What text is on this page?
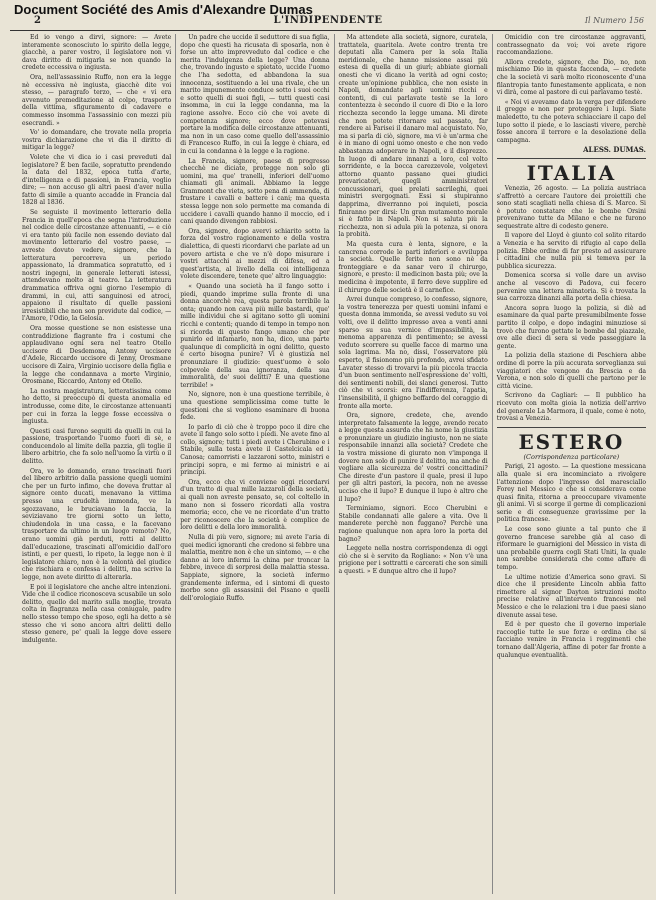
Document Société des Amis d'Alexandre Dumas
2	L'INDIPENDENTE	Il Numero 156

Ed io vengo a dirvi, signore: — Avete interamente sconosciuto lo spirito della legge, giacchè, a parer vostro, il legislatore non vi dava diritto di mitigarla se non quando la credete eccessiva o ingiusta.

Ora, nell'assassinio Ruffo, non era la legge nè eccessiva nè ingiusta, giacchè dite voi stesso, — paragrafo terzo, — che « vi era avvenuto premeditazione al colpo, trasporto della vittima, sfiguramento di cadavere e commesso insomma l'assassinio con mezzi più esecrandi. »

Vo' io domandare, che trovate nella propria vostra dichiarazione che vi dia il diritto di mitigar la legge?

Volete che vi dica io i casi preveduti dal legislatore? È ben facile, sopratutto prendendo la data del 1832, epoca tutta d'arte, d'intelligenza e di passioni, in Francia, voglio dire; — non accuso gli altri paesi d'aver nulla fatto di simile a quanto accadde in Francia dal 1828 al 1836.

Se seguiste il movimento letterario della Francia in quell'epoca che segna l'introduzione nel codice delle circostanze attenuanti, — e ciò vi era tanto più facile non essendo deviato dal movimento letterario del vostro paese, — avreste dovuto vedere, signore, che la letteratura percorreva un periodo appassionato, la drammatica sopratutto, ed i nostri ingegni, in generale letterati istessi, attendevano molto al teatro. La letteratura drammatica offriva ogni giorno l'esempio di drammi, in cui, atti sanguinosi ed atroci, appaiono il risultato di quelle passioni irresistibili che non son previdute dal codice, — l'Amore, l'Odio, la Gelosia.

Ora mosse questione se non esistesse una contraddizione flagrante fra i costumi che applaudivano ogni sera nel teatro Otello uccisore di Desdemona, Antony uccisore d'Adele, Riccardo uccisore di Jenny, Orosmane uccisore di Zaira, Virginio uccisore della figlia e la legge che condannava a morte Virginio, Orosmane, Riccardo, Antony ed Otello.

La nostra magistratura, letteratissima come ho detto, si preoccupò di questa anomalia ed introdusse, come dite, le circostanze attenuanti per cui in forza la legge fosse eccessiva o ingiusta.

Questi casi furono seguiti da quelli in cui la passione, trasportando l'uomo fuori di sè, e conducendolo al limite della pazzia, gli toglie il libero arbitrio, che fa solo nell'uomo la virtù o il delitto.

Ora, ve lo domando, erano trascinati fuori del libero arbitrio dalla passione quegli uomini che per un furto infimo, che doveva fruttar al signore cento ducati, menavano la vittima presso una crudeltà immonda, ve la sgozzavano, le bruciavano la faccia, la seviziavano tre giorni sotto un letto, chiudendola in una cassa, e la facevano trasportare da ultimo in un luogo remoto? No, erano uomini già perduti, rotti al delitto dall'educazione, trascinati all'omicidio dall'oro istinti, e per questi, lo ripeto, la legge non è il legislatore chiaro, non è la volontà del giudice che rischiara e confessa i delitti, ma scrive la legge, non avete diritto di alterarla.

E poi il legislatore che anche altre intenzioni. Vide che il codice riconosceva scusabile un solo delitto, quello del marito sulla moglie, trovata colta in flagranza nella casa coniugale, padre nello stesso tempo che sposo, egli ha detto a sè stesso che vi sono ancora altri delitti dello stesso genere, pe' quali la legge dove essere indulgente.

Un padre che uccide il seduttore di sua figlia, dopo che questi ha ricusata di sposarla, non è forse un atto imprevveduto dal codice e che merita l'indulgenza della legge? Una donna che, trovando ingusto e spietato, uccide l'uomo che l'ha sedotta, ed abbandona la sua innocenza, sostituendo a lei una rivale, che un marito impunemente conduce sotto i suoi occhi e sotto quelli di suoi figli, — tutti questi casi insomma, in cui la legge condanna, ma la ragione assolve. Ecco ciò che voi avete di competenza signore; ecco dove potevasi portare la modifica delle circostanze attenuanti, ma non in un caso come quello dell'assassinio di Francesco Ruffo, in cui la legge è chiara, ed in cui la condanna è la legge e la ragione.

La Francia, signore, paese di progresso checchè ne diciate, protegge non solo gli uomini, ma que' tranelli, inferiori dell'uomo chiamati gli animali. Abbiamo la legge Grammont che vieta, sotto pena di ammenda, di frustare i cavalli e battere i cani; ma questa stessa legge non solo permette ma comanda di uccidere i cavalli quando hanno il moccio, ed i cani quando divengon rabbiosi.

Ora, signore, dopo avervi schiarito sotto la forza del vostro ragionamento e della vostra dialettica, di questi ricordarvi che parlate ad un povero artista e che ve n'è dopo misurare i vostri attacchi ai mezzi di difesa, ed a quest'artista, al livello della coi intelligenza volete discendere, tenete que' altro linguaggio:

« Quando una società ha il fango sotto i piedi, quando imprime sulla fronte di una donna ancorchè rea, questa parola terribile la onta; quando non cava più mille bastardi, que' mille individui che si agitano sotto gli uomini ricchi e contenti; quando di tempo in tempo non si ricorda di questo fango umano che per punirlo ed infamarlo, non ha, dico, una parte qualunque di complicità in ogni delitto, questo è certo bisogna punire? Vi è giustizia nel pronunziare il giudizio: quest'uomo è solo colpevole della sua ignoranza, della sua immoralità, de' suoi delitti? È una questione terribile! »

No, signore, non è una questione terribile, è una questione semplicissima come tutte le questioni che si vogliono esaminare di buona fede.

Io parlo di ciò che è troppo poco il dire che avete il fango solo sotto i piedi. Ne avete fino al collo, signore; tutti i piedi avete i Cherubino e i Stabile, sulla testa avete il Castelcicala ed i Canosa; camorristi e lazzaroni sotto, ministri e principi sopra, e mi fermo ai ministri e ai principi.

Ora, ecco che vi conviene oggi ricordarvi d'un tratto di qual mille lazzaroli della società, ai quali non avreste pensato, se, col coltello in mano non si fossero ricordati alla vostra memoria; ecco, che ve ne ricordate d'un tratto per riconoscere che la società è complice de loro delitti e della loro immoralità.

Nulla di più vero, signore; mi avete l'aria di quei medici ignoranti che credono si febbre una malattia, mentre non è che un sintomo, — e che danno ai loro infermi la china per troncar la febbre, invece di sorpresi della malattia stessa. Sappiate, signore, la società infermo grandemente inferma, ed i sintomi di questo morbo sono gli assassinii del Pisano e quelli dell'orologiaio Ruffo.

Ma attendete alla società, signore, curatela, trattatela, guaritela. Avete contro trenta tre deputati alla Camera per la sola Italia meridionale, che hanno missione assai più estesa di quella di un giurì; abbiate giornali onesti che vi dicano la verità ad ogni costo; create un'opinione pubblica, che non esiste in Napoli, domandate agli uomini ricchi e contenti, di cui parlavate testè se la loro contentezza è secondo il cuore di Dio e la loro ricchezza secondo la legge umana. Mi direte che non potete ritornare sul passato, far rendere ai Farisei il danaro mal acquistato. No, ma si parla di ciò, signore, ma vi è un'arma che è in mano di ogni uomo onesto e che non vedo abbastanza adoperare in Napoli, e il disprezzo. In luogo di andare innanzi a loro, col volto sorridente, e la bocca carezzevole, volgetevi attorno quanto passano quei giudici prevaricatori, quegli amministratori concussionari, quei prelati sacrileghi, quei ministri svergognati. Essi si stupiranno dapprima, diverranno poi inquieti, poscia finiranno per dirsi: Un gran mutamento morale si è fatto in Napoli. Non si saluta più la ricchezza, non si adula più la potenza, si onora la probità.

Ma questa cura è lenta, signore, e la cancrena corrode le parti inferiori e avviluppa la società. Quelle ferite non sono nè da fronteggiare e da sanar vero il chirurgo, signore, e presto: il medicinon basta più; ove la medicina è impotente, il ferro deve supplire ed il chirurgo delle società è il carnefice.

Avrei dunque compreso, lo confesso, signore, la vostra tenerezza per questi uomini infami e questa donna immonda, se avessi veduto su voi volti, ove il delitto impresso avea a venti anni sparso su sua vernice d'impassibilità, la menoma apparenza di pentimento; se avessi veduto scorrere su quelle facce di marmo una sola lagrima. Ma no, dissi, l'osservatore più esperto, il fisionomo più profondo, avrei sfidato Lavater stesso di trovarvi la più piccola traccia d'un buon sentimento nell'espressione de' volti, dei sentimenti nobili, dei slanci generosi. Tutto ciò che vi scorsi: era l'indifferenza, l'apatia, l'insensibilità, il ghigno beffardo del coraggio di fronte alla morte.

Ora, signore, credete, che, avendo interpretato falsamente la legge, avendo recato a legge questa assurda che ha nome la giustizia e pronunziare un giudizio ingiusto, non ne siate responsabile innanzi alla società? Credete che la vostra missione di giurato non v'imponga il dovere non solo di punire il delitto, ma anche di vegliare alla sicurezza de' vostri concittadini? Che direste d'un pastore il quale, presi il lupo per gli altri pastori, la pecora, non ne avesse ucciso che il lupo? E dunque il lupo è altro che il lupo?

Terminiamo, signori. Ecco Cherubini e Stabile condannati alle galere a vita. Ove li manderete perchè non fuggano? Perchè una ragione qualunque non apra loro la porta del bagno?

Leggete nella nostra corrispondenza di oggi ciò che si è servito da Rogliano: « Non v'è una prigione per i sottratti e carcerati che son simili a questi. » E dunque altro che il lupo?

Omicidio con tre circostanze aggravanti, contrassegnato da voi; voi avete rigore raccomandazione.

Allora credete, signore, che Dio, no, non mischiamo Dio in questa faccenda, — credete che la società vi sarà molto riconoscente d'una filantropia tanto funestamente applicata, e non vi dirà, come al pastore di cui parlavamo testè.

« Noi vi avevamo dato la verga per difendere il gregge e non per proteggere i lupi. Siate maledetto, tu che poteva schiacciare il capo del lupo sotto il piede, e lo lasciasti vivere, perchè fosse ancora il terrore e la desolazione della campagna.

ALESS. DUMAS.
ITALIA

Venezia, 26 agosto. — La polizia austriaca s'affrettò a cercare l'autore dei proiettili che sono stati scagliati nella chiesa di S. Marco. Si è potuto constatare che le bombe Orsini provenivano tutte da Milano e che ne furono sequestrate altre di codesto genere.

Il vapore del Lloyd è giunto col solito ritardo a Venezia e ha servito di rifugio al capo della polizia. Ebbe ordine di far presto ad assicurare i cittadini che nulla più si temeva per la pubblica sicurezza.

Domenica scorsa si volle dare un avviso anche al vescovo di Padova, cui fecero pervenire una lettera minatoria. Si è trovata la sua carrozza dinanzi alla porta della chiesa.

Ancora sopra luogo la polizia, si diè ad esaminare da qual parte presumibilmente fosse partito il colpo, e dopo indagini minuziose si trovò che furono gettate le bombe dal piazzale, ove alle dieci di sera si vede passeggiare la gente.

La polizia della stazione di Peschiera abbe ordine di porre la più accurata sorveglianza sui viaggiatori che vengono da Brescia e da Verona, e non solo di quelli che partono per le città vicine.

Scrivono da Cagliari: — Il pubblico ha ricevuto con molta gioia la notizia dell'arrivo del generale La Marmora, il quale, come è noto, trovasi a Venezia.

ESTERO
(Corrispondenza particolare)

Parigi, 21 agosto. — La questione messicana alla quale si era incominciato a rivolgere l'attenzione dopo l'ingresso del maresciallo Forey nel Messico e che si considerava come quasi finita, ritorna a preoccupare vivamente gli animi. Vi si scorge il germe di complicazioni serie e di conseguenze gravissime per la politica francese.

Le cose sono giunte a tal punto che il governo francese sarebbe già al caso di riformare le guarnigioni del Messico in vista di una probabile guerra cogli Stati Uniti, la quale non sarebbe considerata che come affare di tempo.

Le ultime notizie d'America sono gravi. Si dice che il presidente Lincoln abbia fatto rimettere al signor Dayton istruzioni molto precise relative all'intervento francese nel Messico e che le relazioni tra i due paesi siano divenute assai tese.

Ed è per questo che il governo imperiale raccoglie tutte le sue forze e ordina che si facciano venire in Francia i reggimenti che tornano dall'Algeria, affine di poter far fronte a qualunque eventualità.
